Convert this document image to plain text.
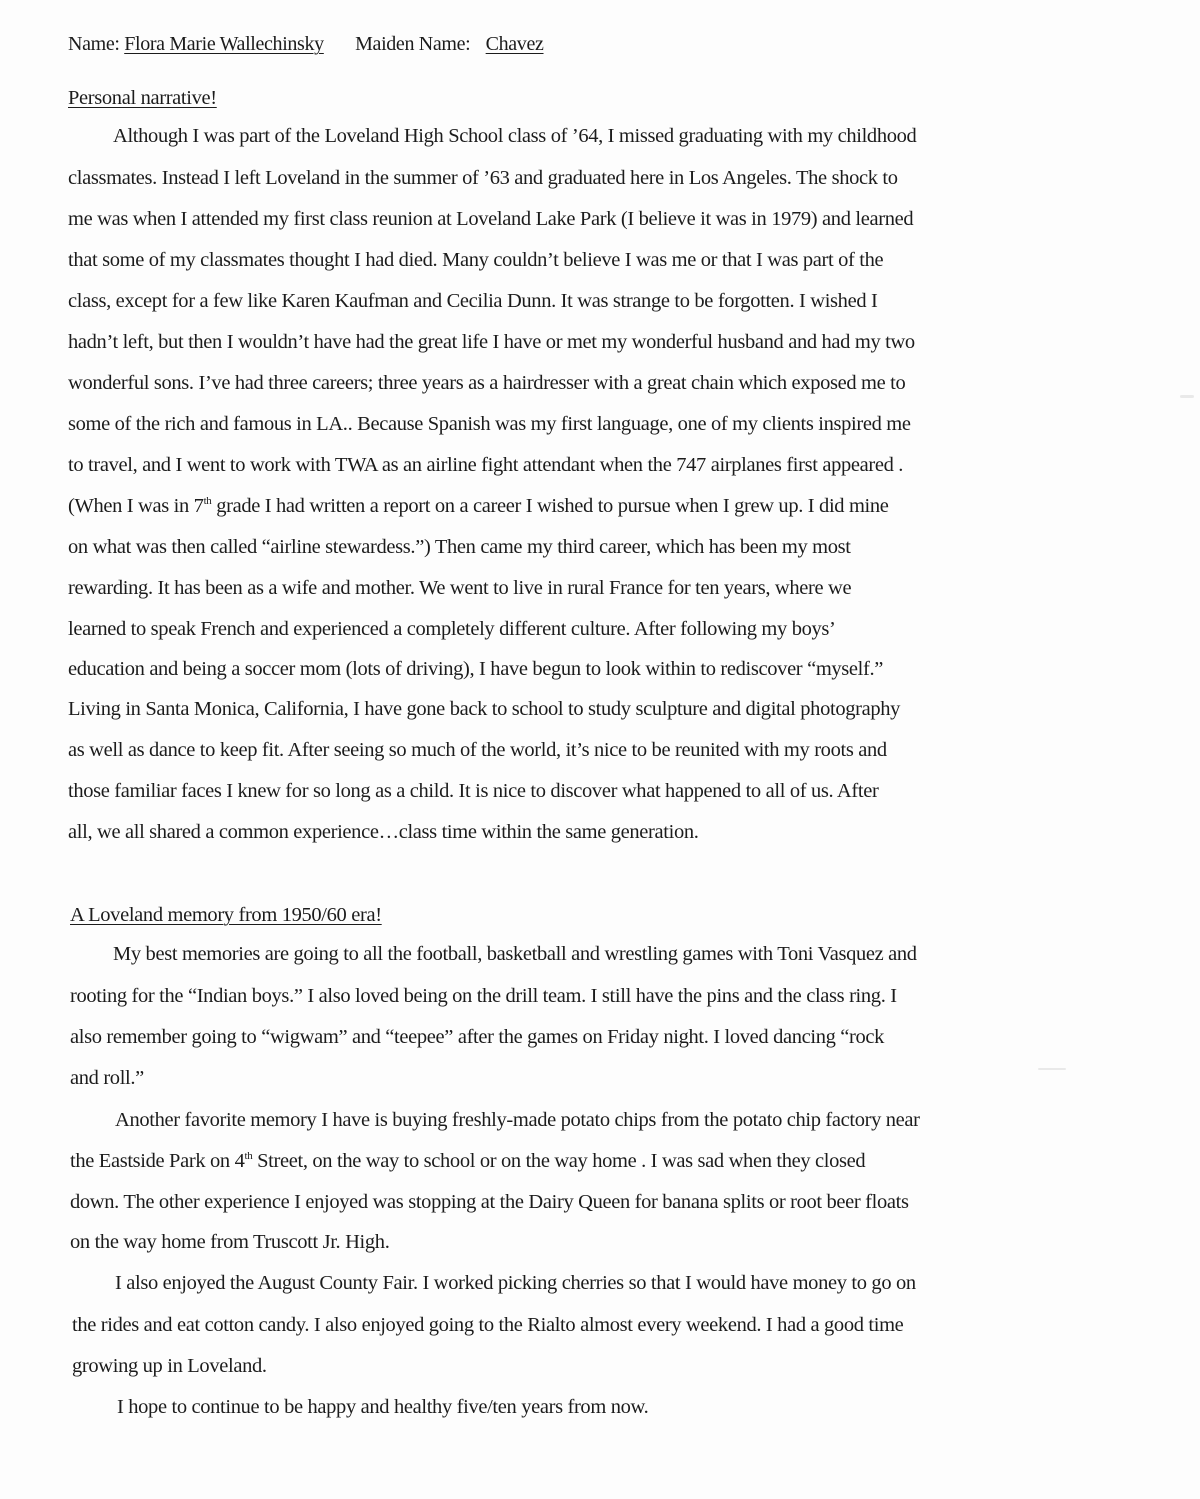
Name: Flora Marie Wallechinsky Maiden Name: Chavez
Personal narrative!
Although I was part of the Loveland High School class of ’64, I missed graduating with my childhood
classmates. Instead I left Loveland in the summer of ’63 and graduated here in Los Angeles. The shock to
me was when I attended my first class reunion at Loveland Lake Park (I believe it was in 1979) and learned
that some of my classmates thought I had died. Many couldn’t believe I was me or that I was part of the
class, except for a few like Karen Kaufman and Cecilia Dunn. It was strange to be forgotten. I wished I
hadn’t left, but then I wouldn’t have had the great life I have or met my wonderful husband and had my two
wonderful sons. I’ve had three careers; three years as a hairdresser with a great chain which exposed me to
some of the rich and famous in LA.. Because Spanish was my first language, one of my clients inspired me
to travel, and I went to work with TWA as an airline fight attendant when the 747 airplanes first appeared .
(When I was in 7th grade I had written a report on a career I wished to pursue when I grew up. I did mine
on what was then called “airline stewardess.”) Then came my third career, which has been my most
rewarding. It has been as a wife and mother. We went to live in rural France for ten years, where we
learned to speak French and experienced a completely different culture. After following my boys’
education and being a soccer mom (lots of driving), I have begun to look within to rediscover “myself.”
Living in Santa Monica, California, I have gone back to school to study sculpture and digital photography
as well as dance to keep fit. After seeing so much of the world, it’s nice to be reunited with my roots and
those familiar faces I knew for so long as a child. It is nice to discover what happened to all of us. After
all, we all shared a common experience…class time within the same generation.
A Loveland memory from 1950/60 era!
My best memories are going to all the football, basketball and wrestling games with Toni Vasquez and
rooting for the “Indian boys.” I also loved being on the drill team. I still have the pins and the class ring. I
also remember going to “wigwam” and “teepee” after the games on Friday night. I loved dancing “rock
and roll.”
Another favorite memory I have is buying freshly-made potato chips from the potato chip factory near
the Eastside Park on 4th Street, on the way to school or on the way home . I was sad when they closed
down. The other experience I enjoyed was stopping at the Dairy Queen for banana splits or root beer floats
on the way home from Truscott Jr. High.
I also enjoyed the August County Fair. I worked picking cherries so that I would have money to go on
the rides and eat cotton candy. I also enjoyed going to the Rialto almost every weekend. I had a good time
growing up in Loveland.
I hope to continue to be happy and healthy five/ten years from now.
